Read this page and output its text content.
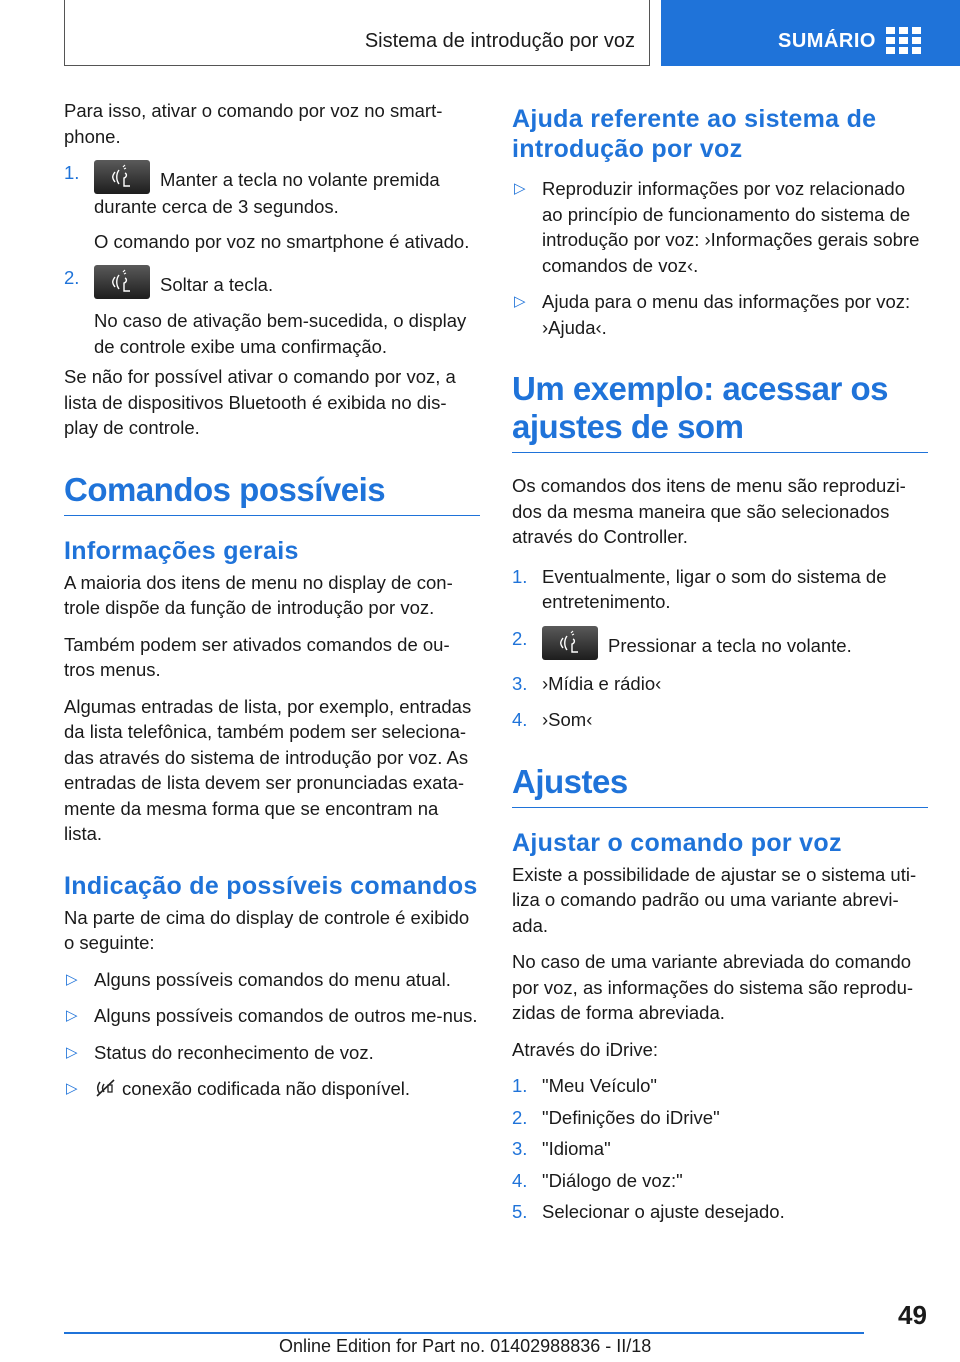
Sistema de introdução por voz	SUMÁRIO

Para isso, ativar o comando por voz no smart-phone.

1.	Manter a tecla no volante premida durante cerca de 3 segundos.
O comando por voz no smartphone é ativado.
2.	Soltar a tecla.
No caso de ativação bem-sucedida, o display de controle exibe uma confirmação.

Se não for possível ativar o comando por voz, a lista de dispositivos Bluetooth é exibida no dis-play de controle.

Comandos possíveis
Informações gerais

A maioria dos itens de menu no display de con-trole dispõe da função de introdução por voz.

Também podem ser ativados comandos de ou-tros menus.

Algumas entradas de lista, por exemplo, entradas da lista telefônica, também podem ser seleciona-das através do sistema de introdução por voz. As entradas de lista devem ser pronunciadas exata-mente da mesma forma que se encontram na lista.

Indicação de possíveis comandos

Na parte de cima do display de controle é exibido o seguinte:

▷ Alguns possíveis comandos do menu atual.
▷ Alguns possíveis comandos de outros me-nus.
▷ Status do reconhecimento de voz.
▷ conexão codificada não disponível.
Ajuda referente ao sistema de introdução por voz
▷ Reproduzir informações por voz relacionado ao princípio de funcionamento do sistema de introdução por voz: ›Informações gerais sobre comandos de voz‹.
▷ Ajuda para o menu das informações por voz: ›Ajuda‹.
Um exemplo: acessar os ajustes de som

Os comandos dos itens de menu são reproduzi-dos da mesma maneira que são selecionados através do Controller.

1. Eventualmente, ligar o som do sistema de entretenimento.
2.	Pressionar a tecla no volante.
3. ›Mídia e rádio‹
4. ›Som‹
Ajustes
Ajustar o comando por voz

Existe a possibilidade de ajustar se o sistema uti-liza o comando padrão ou uma variante abrevi-ada.

No caso de uma variante abreviada do comando por voz, as informações do sistema são reprodu-zidas de forma abreviada.

Através do iDrive:

1. "Meu Veículo"
2. "Definições do iDrive"
3. "Idioma"
4. "Diálogo de voz:"
5. Selecionar o ajuste desejado.
49
Online Edition for Part no. 01402988836 - II/18
